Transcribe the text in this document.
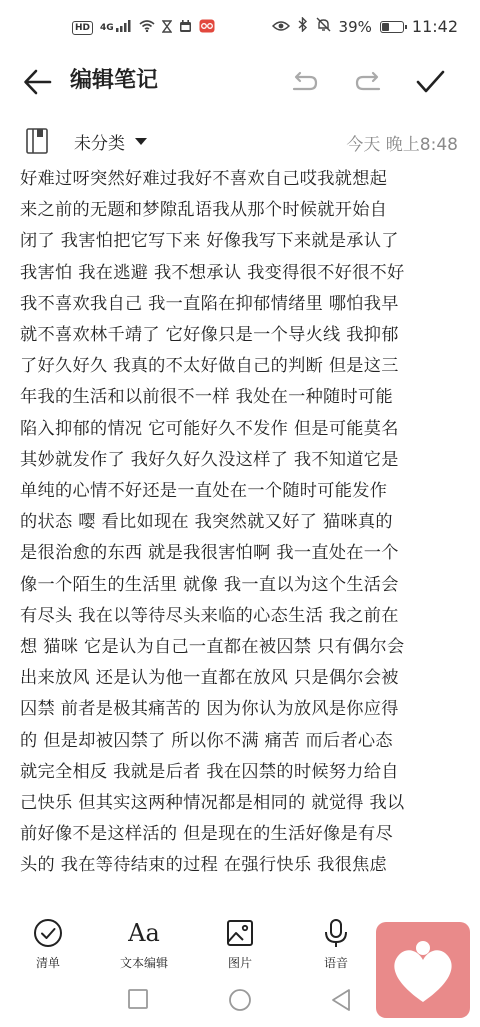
HD	4G	39%	11:42
编辑笔记
未分类	今天 晚上8:48
好难过呀突然好难过我好不喜欢自己哎我就想起
来之前的无题和梦隙乱语我从那个时候就开始自
闭了 我害怕把它写下来 好像我写下来就是承认了
我害怕 我在逃避 我不想承认 我变得很不好很不好
我不喜欢我自己 我一直陷在抑郁情绪里 哪怕我早
就不喜欢林千靖了 它好像只是一个导火线 我抑郁
了好久好久 我真的不太好做自己的判断 但是这三
年我的生活和以前很不一样 我处在一种随时可能
陷入抑郁的情况 它可能好久不发作 但是可能莫名
其妙就发作了 我好久好久没这样了 我不知道它是
单纯的心情不好还是一直处在一个随时可能发作
的状态 嘤 看比如现在 我突然就又好了 猫咪真的
是很治愈的东西 就是我很害怕啊 我一直处在一个
像一个陌生的生活里 就像 我一直以为这个生活会
有尽头 我在以等待尽头来临的心态生活 我之前在
想 猫咪 它是认为自己一直都在被囚禁 只有偶尔会
出来放风 还是认为他一直都在放风 只是偶尔会被
囚禁 前者是极其痛苦的 因为你认为放风是你应得
的 但是却被囚禁了 所以你不满 痛苦 而后者心态
就完全相反 我就是后者 我在囚禁的时候努力给自
己快乐 但其实这两种情况都是相同的 就觉得 我以
前好像不是这样活的 但是现在的生活好像是有尽
头的 我在等待结束的过程 在强行快乐 我很焦虑
清单
Aa
文本编辑	图片	语音
